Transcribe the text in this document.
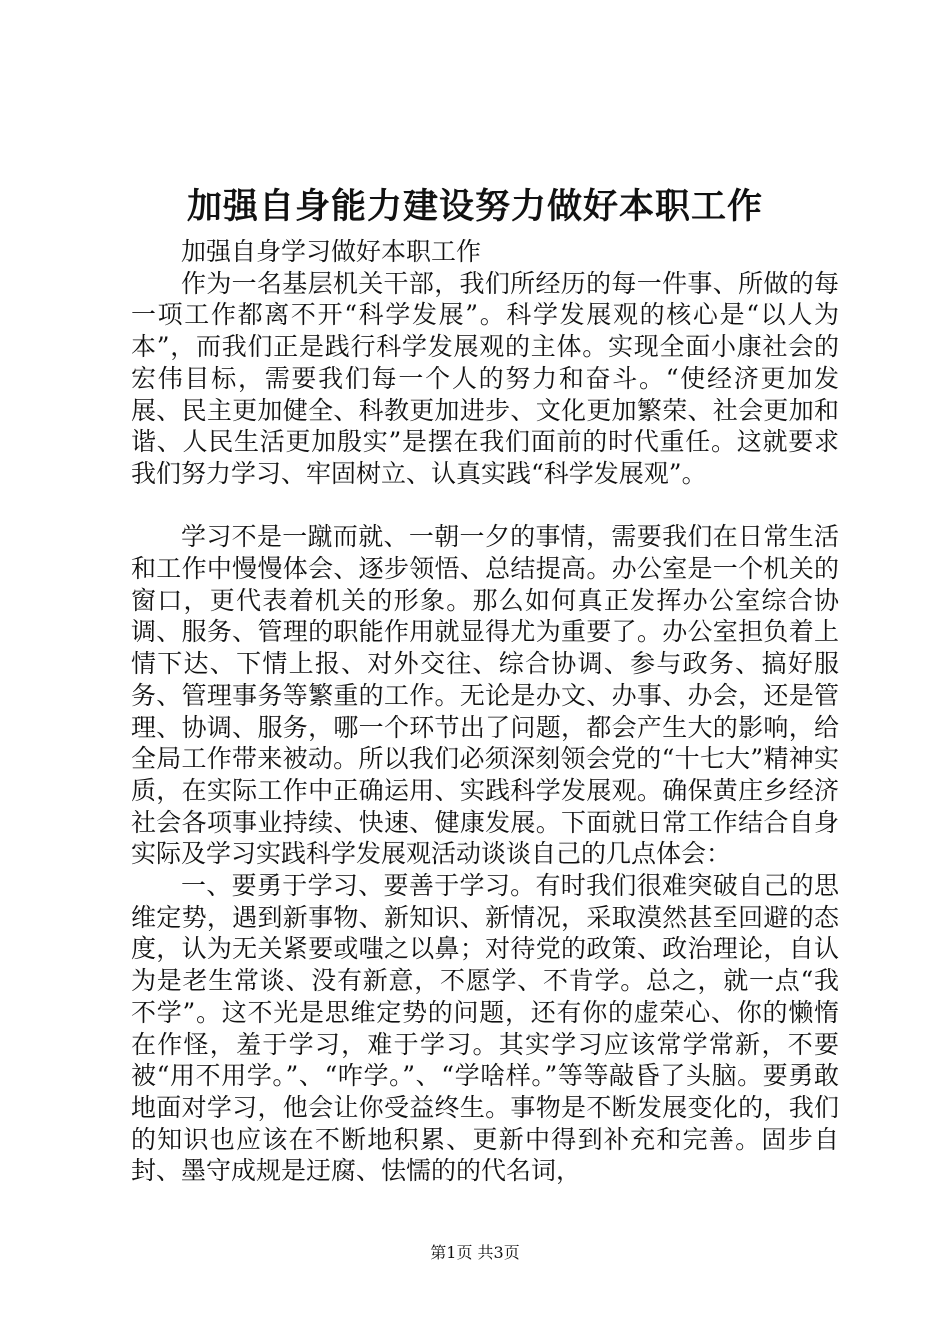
加强自身能力建设努力做好本职工作

加强自身学习做好本职工作

作为一名基层机关干部，我们所经历的每一件事、所做的每一项工作都离不开“科学发展”。科学发展观的核心是“以人为本”，而我们正是践行科学发展观的主体。实现全面小康社会的宏伟目标，需要我们每一个人的努力和奋斗。“使经济更加发展、民主更加健全、科教更加进步、文化更加繁荣、社会更加和谐、人民生活更加殷实”是摆在我们面前的时代重任。这就要求我们努力学习、牢固树立、认真实践“科学发展观”。

学习不是一蹴而就、一朝一夕的事情，需要我们在日常生活和工作中慢慢体会、逐步领悟、总结提高。办公室是一个机关的窗口，更代表着机关的形象。那么如何真正发挥办公室综合协调、服务、管理的职能作用就显得尤为重要了。办公室担负着上情下达、下情上报、对外交往、综合协调、参与政务、搞好服务、管理事务等繁重的工作。无论是办文、办事、办会，还是管理、协调、服务，哪一个环节出了问题，都会产生大的影响，给全局工作带来被动。所以我们必须深刻领会党的“十七大”精神实质，在实际工作中正确运用、实践科学发展观。确保黄庄乡经济社会各项事业持续、快速、健康发展。下面就日常工作结合自身实际及学习实践科学发展观活动谈谈自己的几点体会：

一、要勇于学习、要善于学习。有时我们很难突破自己的思维定势，遇到新事物、新知识、新情况，采取漠然甚至回避的态度，认为无关紧要或嗤之以鼻；对待党的政策、政治理论，自认为是老生常谈、没有新意，不愿学、不肯学。总之，就一点“我不学”。这不光是思维定势的问题，还有你的虚荣心、你的懒惰在作怪，羞于学习，难于学习。其实学习应该常学常新，不要被“用不用学。”、“咋学。”、“学啥样。”等等敲昏了头脑。要勇敢地面对学习，他会让你受益终生。事物是不断发展变化的，我们的知识也应该在不断地积累、更新中得到补充和完善。固步自封、墨守成规是迂腐、怯懦的的代名词，

第1页 共3页
